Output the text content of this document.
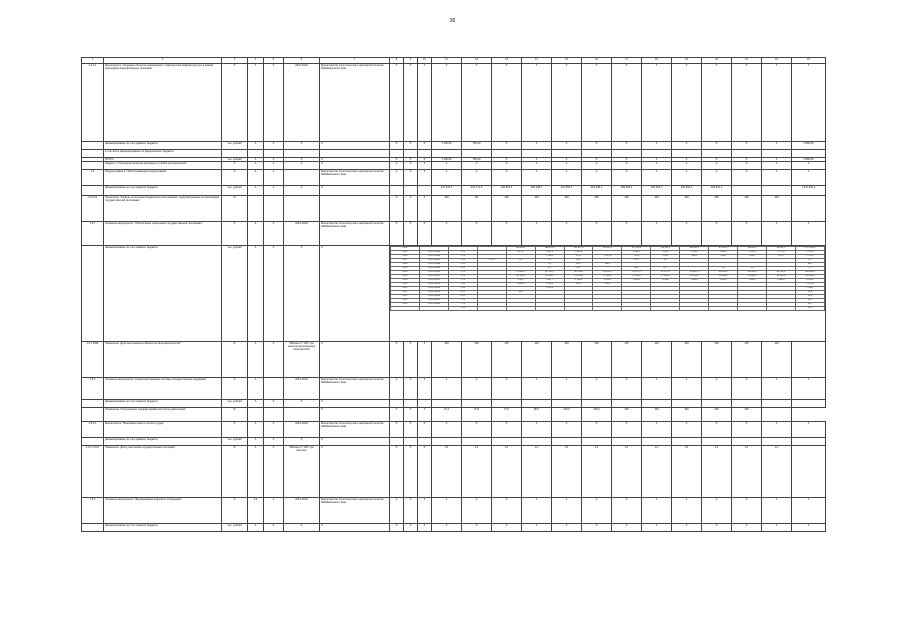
36
1	2	3	4	5	6	7	8	9	10	11	12	13	14	15	16	17	18	19	20	21	22	23
1.4.2.1	Мероприятие "Создание объектов инженерной и транспортной инфраструктуры в рамках реализации муниципальных программ	X	X	X	2021-2024	Министерство строительства и жилищной политики Забайкальского края	X	X	X	X	X	X	X	X	X	X	X	X	X	X	X	X
	финансирование за счет краевого бюджета	тыс. рублей	X	X	X	X	X	X	X	1 115,00	781,20	X	X	X	X	X	X	X	X	X	X	1 896,20
	в том числе финансирование из федерального бюджета																					
	ИТОГО	тыс. рублей	X	X	X	X	X	X	X	1 115,00	781,20	X	X	X	X	X	X	X	X	X	X	1 896,20
	Задача 1. "Улучшение качества жилищных условий для населения"	X	X	X	X	X	X	X	X	X	X	X	X	X	X	X	X	X	X	X	X	X
1.5	Подпрограмма 3. Обеспечивающая подпрограмма	X	3	X		Министерство строительства и жилищной политики Забайкальского края	X	X	X	X	X	X	X	X	X	X	X	X	X	X	X	X
	финансирование за счет краевого бюджета	тыс. рублей	X	X	X	X				247 675,4	244 771,5	240 810,6	226 448,4	211 559,5	215 528,2	189 593,2	193 593,2	193 593,2	192 813,2			1 207 844,2
1.5.0.01	Показатель "Уровень исполнения бюджетных ассигнований, предусмотренных на реализацию государственной программы"	%					X	X	X	100	99	100	100	100	100	100	100	100	100	100	100	
1.5.1	Основное мероприятие "Обеспечение реализации государственной программы"	X	3	X	2014-2024	Министерство строительства и жилищной политики Забайкальского края	X	X	X	X	X	X	X	X	X	X	X	X	X	X	X	X
	финансирование за счет краевого бюджета	тыс. рублей	X	X	X	X		2014				146 365,2	188 378,5	142 672,0	125 895,2	121 169,0	119 595,2	188 593,2	91 593,2	96 593,2	98 593,2	1 107 844,2
2015	17301 04305	1 21		82 12	1 051,6	1 082,9		1 095,6	1 912,6	1 213,0	1 065,0	1 153,0	1 173,0	1 174,0
2016	17301 04306	1 29			1 158,2	172,3	1 107,0	175,0	170,0	183,0	194,0	195,0	197,0	1 175,2
2017	17301 04307	1 44	772,0	1,0	1,2	38,1		13,4	4,5					9,2
2018	17301 04308	8 51			1,0	123,7	384,2							38,2
2018	17301 04309	8 52			2,1	26,7		43,6	0,1		1,0	0,0		7,2
2019	17301 04310	1 21		37 090,2	147 391,7	36 223,6	33 918,0	37 117,0	37 117,0	43 497,0	44 090,0	89 290,0	96 290,0	983 926,2
2019	17301 04311	1 22		28 116,3	25 103,1	23 203,8	21 549,0	21 549,0	21 549,0	26 253,0	20 368,0	20 368,0	20 368,0	243 339,2
2020	17301 04312	1 29		1 167,2	1 447,7	1 100,0	1 023,0	1 023,0	1 016,0	1 045,0	1 045,0	1 046,0	1 046,0	4 043,2
2020	17301 04313	2 42		1 000,3	1 225,9	742,0	734,5							7 187,3
2021	17301 04314	2 44			1 035,5									1 288,2
2021	17301 04315	8 51		38,9										29,8
2022	17301 04316	8 52												29,8
2023	17301 04317	1 11												31,4
2024	17301 04318	1 19												25,7
		2 44												12,0

1.5.1.0001	Показатель "Доля выполненных Министерством мероприятий"	%	X	X	Таблица Х "100" при наличии выполненных мероприятий	X	X	X	X	100	100	100	100	100	100	100	100	100	100	100	100	
1.5.2	Основное мероприятие "Совершенствование системы государственной поддержки"	X	X		2014-2024	Министерство строительства и жилищной политики Забайкальского края	X	X	X	X	X	X	X	X	X	X	X	X	X	X	X	X
	финансирование за счет краевого бюджета	тыс. рублей	X	X	X	X																
	Показатель "Соотношение средней заработной платы работников"	%				X	X	X	X	74,2	75,9	77,0	88,0	100,0	100,0	100	100	100	100	100	
1.5.2.1	Мероприятие "Реализация мер по оплате труда"	X	X	X	2014-2024	Министерство строительства и жилищной политики Забайкальского края	X	X	X	X	X	X	X	X	X	X	X	X	X	X	X	X
	финансирование за счет краевого бюджета	тыс. рублей	X	X	X	X																
1.5.2.1.001	Показатель "Доля участников государственных программ"	%	X	X	Таблица Х "100" при наличии	X	X	X	X	14	14	14	14	14	14	14	14	14	14	14	14	
1.5.3	Основное мероприятие "Формирование кадрового потенциала"	X	3,4	X	2014-2024	Министерство строительства и жилищной политики Забайкальского края	X	X	X	X	X	X	X	X	X	X	X	X	X	X	X	X
	финансирование за счет краевого бюджета	тыс. рублей	X	X	X	X	X	X	X	X	X	X	X	X	X	X	X	X	X	X	X	X
